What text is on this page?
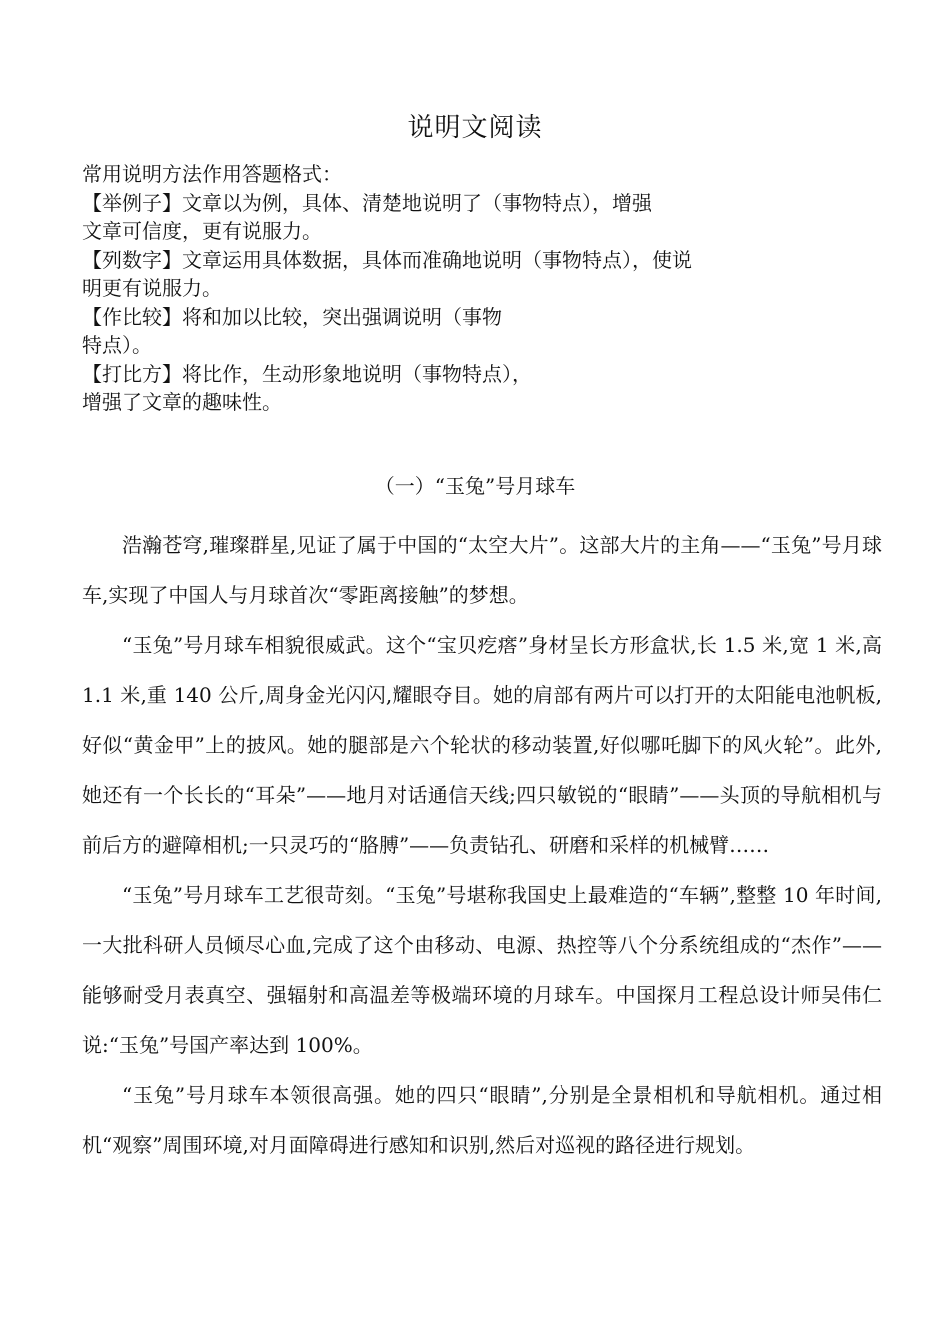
说明文阅读

常用说明方法作用答题格式：

【举例子】文章以为例，具体、清楚地说明了（事物特点），增强

文章可信度，更有说服力。

【列数字】文章运用具体数据，具体而准确地说明（事物特点），使说

明更有说服力。

【作比较】将和加以比较，突出强调说明（事物

特点）。

【打比方】将比作，生动形象地说明（事物特点），

增强了文章的趣味性。

（一）“玉兔”号月球车

浩瀚苍穹,璀璨群星,见证了属于中国的“太空大片”。这部大片的主角——“玉兔”号月球车,实现了中国人与月球首次“零距离接触”的梦想。

“玉兔”号月球车相貌很威武。这个“宝贝疙瘩”身材呈长方形盒状,长 1.5 米,宽 1 米,高 1.1 米,重 140 公斤,周身金光闪闪,耀眼夺目。她的肩部有两片可以打开的太阳能电池帆板,好似“黄金甲”上的披风。她的腿部是六个轮状的移动装置,好似哪吒脚下的风火轮”。此外,她还有一个长长的“耳朵”——地月对话通信天线;四只敏锐的“眼睛”——头顶的导航相机与前后方的避障相机;一只灵巧的“胳膊”——负责钻孔、研磨和采样的机械臂……

“玉兔”号月球车工艺很苛刻。“玉兔”号堪称我国史上最难造的“车辆”,整整 10 年时间,一大批科研人员倾尽心血,完成了这个由移动、电源、热控等八个分系统组成的“杰作”——能够耐受月表真空、强辐射和高温差等极端环境的月球车。中国探月工程总设计师吴伟仁说:“玉兔”号国产率达到 100%。

“玉兔”号月球车本领很高强。她的四只“眼睛”,分别是全景相机和导航相机。通过相机“观察”周围环境,对月面障碍进行感知和识别,然后对巡视的路径进行规划。
